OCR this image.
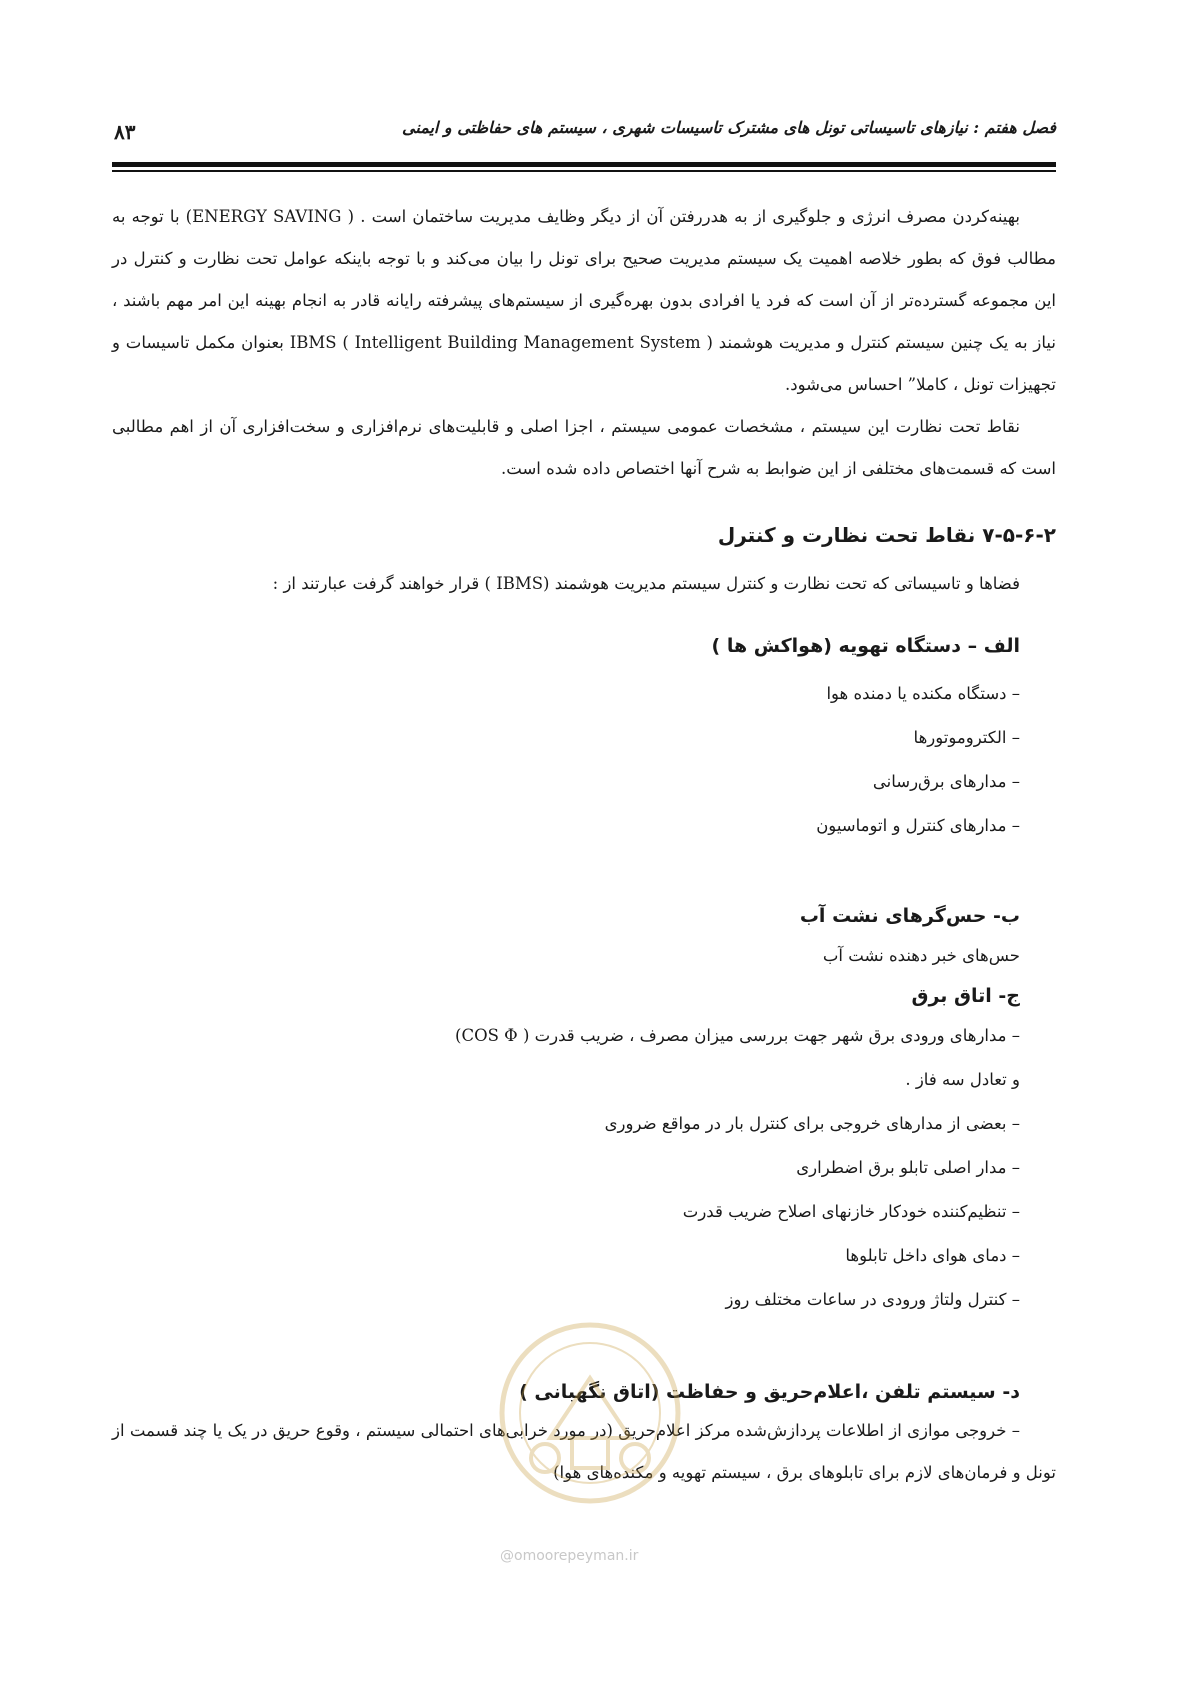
فصل هفتم : نیازهای تاسیساتی تونل های مشترک تاسیسات شهری ، سیستم های حفاظتی و ایمنی
۸۳

بهینه‌کردن مصرف انرژی و جلوگیری از به هدررفتن آن از دیگر وظایف مدیریت ساختمان است . ( ENERGY SAVING) با توجه به مطالب فوق که بطور خلاصه اهمیت یک سیستم مدیریت صحیح برای تونل را بیان می‌کند و با توجه باینکه عوامل تحت نظارت و کنترل در این مجموعه گسترده‌تر از آن است که فرد یا افرادی بدون بهره‌گیری از سیستم‌های پیشرفته رایانه قادر به انجام بهینه این امر مهم باشند ، نیاز به یک چنین سیستم کنترل و مدیریت هوشمند ( Intelligent Building Management System ) IBMS بعنوان مکمل تاسیسات و تجهیزات تونل ، کاملا” احساس می‌شود.

نقاط تحت نظارت این سیستم ، مشخصات عمومی سیستم ، اجزا اصلی و قابلیت‌های نرم‌افزاری و سخت‌افزاری آن از اهم مطالبی است که قسمت‌های مختلفی از این ضوابط به شرح آنها اختصاص داده شده است.

۷-۵-۶-۲ نقاط تحت نظارت و کنترل

فضاها و تاسیساتی که تحت نظارت و کنترل سیستم مدیریت هوشمند (IBMS ) قرار خواهند گرفت عبارتند از :

الف – دستگاه تهویه (هواکش ها )

– دستگاه مکنده یا دمنده هوا

– الکتروموتورها

– مدارهای برق‌رسانی

– مدارهای کنترل و اتوماسیون

ب- حس‌گرهای نشت آب

حس‌های خبر دهنده نشت آب

ج- اتاق برق

– مدارهای ورودی برق شهر جهت بررسی میزان مصرف ، ضریب قدرت ( COS Φ)

و تعادل سه فاز .

– بعضی از مدارهای خروجی برای کنترل بار در مواقع ضروری

– مدار اصلی تابلو برق اضطراری

– تنظیم‌کننده خودکار خازنهای اصلاح ضریب قدرت

– دمای هوای داخل تابلوها

– کنترل ولتاژ ورودی در ساعات مختلف روز

د- سیستم تلفن ،اعلام‌حریق و حفاظت (اتاق نگهبانی )

– خروجی موازی از اطلاعات پردازش‌شده مرکز اعلام‌حریق (در مورد خرابی‌های احتمالی سیستم ، وقوع حریق در یک یا چند قسمت از تونل و فرمان‌های لازم برای تابلوهای برق ، سیستم تهویه و مکنده‌های هوا)

@omoorepeyman.ir
